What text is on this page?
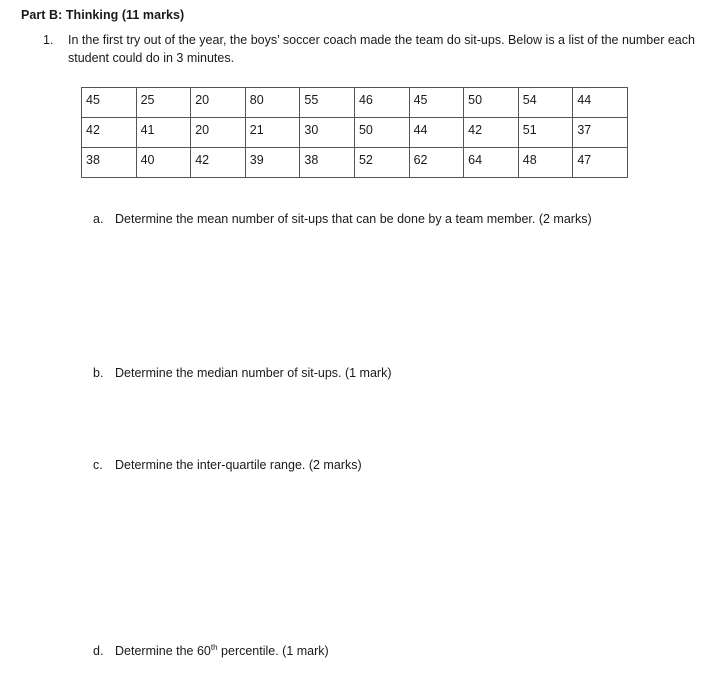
Part B: Thinking (11 marks)
1. In the first try out of the year, the boys’ soccer coach made the team do sit-ups. Below is a list of the number each student could do in 3 minutes.
45	25	20	80	55	46	45	50	54	44
42	41	20	21	30	50	44	42	51	37
38	40	42	39	38	52	62	64	48	47
a. Determine the mean number of sit-ups that can be done by a team member. (2 marks)
b. Determine the median number of sit-ups. (1 mark)
c. Determine the inter-quartile range. (2 marks)
d. Determine the 60th percentile. (1 mark)
